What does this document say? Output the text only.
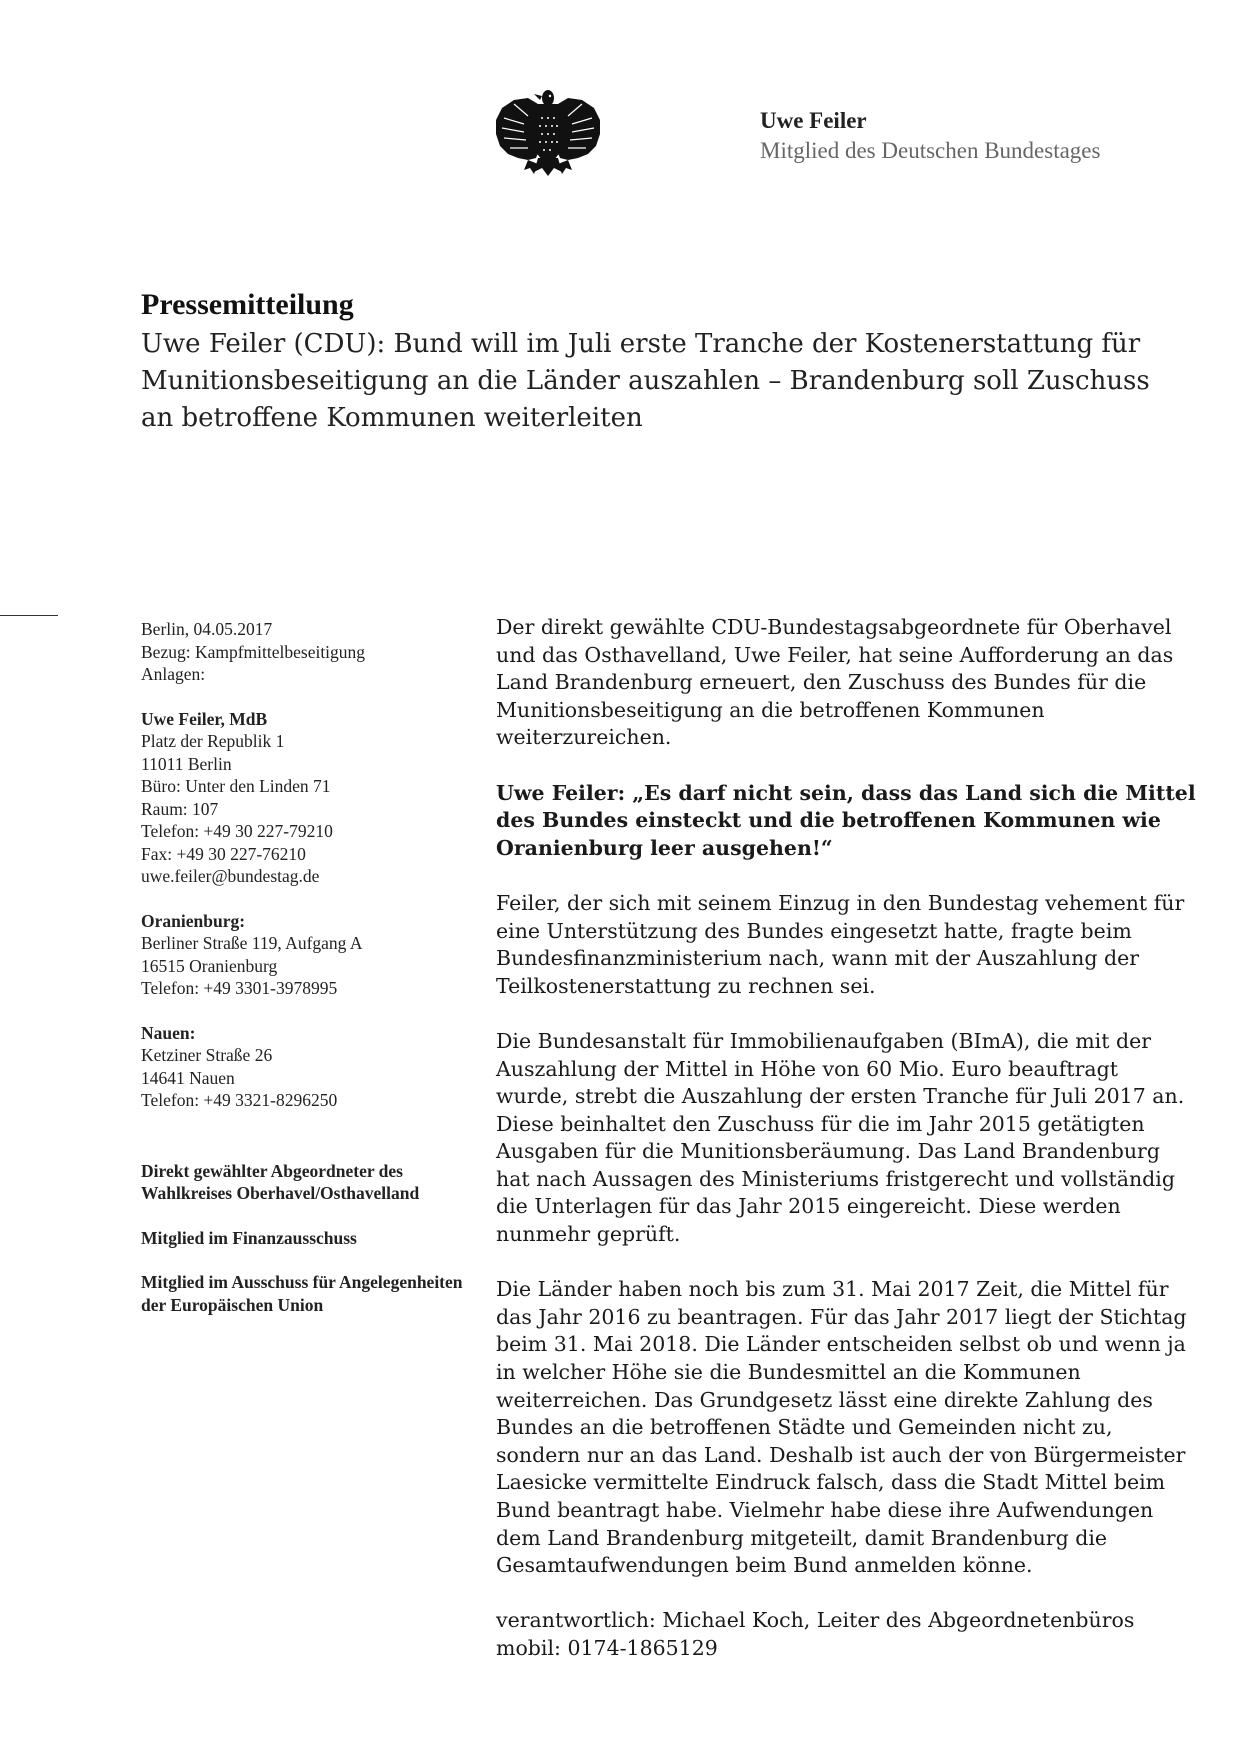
Uwe Feiler
Mitglied des Deutschen Bundestages
Pressemitteilung

Uwe Feiler (CDU): Bund will im Juli erste Tranche der Kostenerstattung für Munitionsbeseitigung an die Länder auszahlen – Brandenburg soll Zuschuss an betroffene Kommunen weiterleiten

Berlin, 04.05.2017
Bezug: Kampfmittelbeseitigung
Anlagen:
Uwe Feiler, MdB
Platz der Republik 1
11011 Berlin
Büro: Unter den Linden 71
Raum: 107
Telefon: +49 30 227-79210
Fax: +49 30 227-76210
uwe.feiler@bundestag.de
Oranienburg:
Berliner Straße 119, Aufgang A
16515 Oranienburg
Telefon: +49 3301-3978995
Nauen:
Ketziner Straße 26
14641 Nauen
Telefon: +49 3321-8296250
Direkt gewählter Abgeordneter des Wahlkreises Oberhavel/Osthavelland
Mitglied im Finanzausschuss
Mitglied im Ausschuss für Angelegenheiten der Europäischen Union

Der direkt gewählte CDU-Bundestagsabgeordnete für Oberhavel und das Osthavelland, Uwe Feiler, hat seine Aufforderung an das Land Brandenburg erneuert, den Zuschuss des Bundes für die Munitionsbeseitigung an die betroffenen Kommunen weiterzureichen.

Uwe Feiler: „Es darf nicht sein, dass das Land sich die Mittel des Bundes einsteckt und die betroffenen Kommunen wie Oranienburg leer ausgehen!“

Feiler, der sich mit seinem Einzug in den Bundestag vehement für eine Unterstützung des Bundes eingesetzt hatte, fragte beim Bundesfinanzministerium nach, wann mit der Auszahlung der Teilkostenerstattung zu rechnen sei.

Die Bundesanstalt für Immobilienaufgaben (BImA), die mit der Auszahlung der Mittel in Höhe von 60 Mio. Euro beauftragt wurde, strebt die Auszahlung der ersten Tranche für Juli 2017 an. Diese beinhaltet den Zuschuss für die im Jahr 2015 getätigten Ausgaben für die Munitionsberäumung. Das Land Brandenburg hat nach Aussagen des Ministeriums fristgerecht und vollständig die Unterlagen für das Jahr 2015 eingereicht. Diese werden nunmehr geprüft.

Die Länder haben noch bis zum 31. Mai 2017 Zeit, die Mittel für das Jahr 2016 zu beantragen. Für das Jahr 2017 liegt der Stichtag beim 31. Mai 2018. Die Länder entscheiden selbst ob und wenn ja in welcher Höhe sie die Bundesmittel an die Kommunen weiterreichen. Das Grundgesetz lässt eine direkte Zahlung des Bundes an die betroffenen Städte und Gemeinden nicht zu, sondern nur an das Land. Deshalb ist auch der von Bürgermeister Laesicke vermittelte Eindruck falsch, dass die Stadt Mittel beim Bund beantragt habe. Vielmehr habe diese ihre Aufwendungen dem Land Brandenburg mitgeteilt, damit Brandenburg die Gesamtaufwendungen beim Bund anmelden könne.

verantwortlich: Michael Koch, Leiter des Abgeordnetenbüros
mobil: 0174-1865129
